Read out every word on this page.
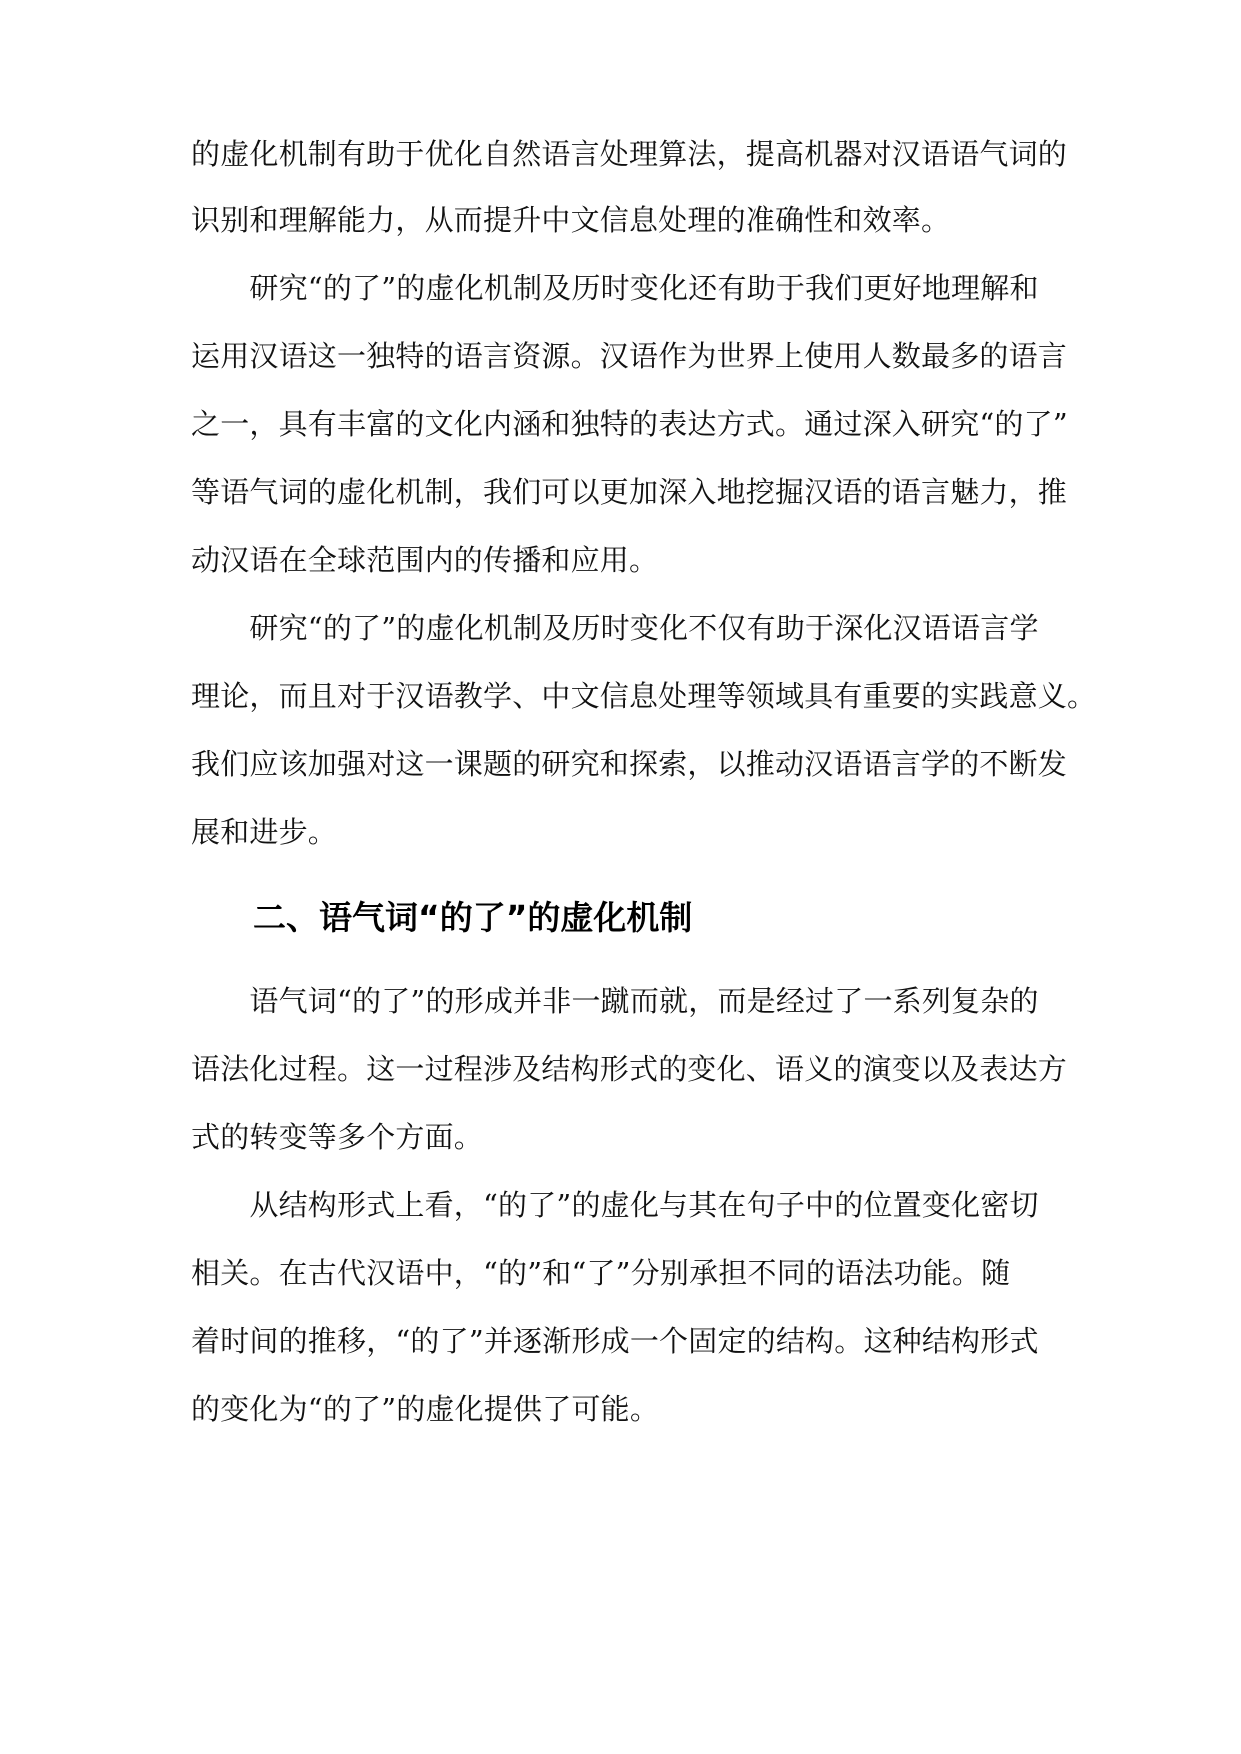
的虚化机制有助于优化自然语言处理算法，提高机器对汉语语气词的
识别和理解能力，从而提升中文信息处理的准确性和效率。
　　研究“的了”的虚化机制及历时变化还有助于我们更好地理解和
运用汉语这一独特的语言资源。汉语作为世界上使用人数最多的语言
之一，具有丰富的文化内涵和独特的表达方式。通过深入研究“的了”
等语气词的虚化机制，我们可以更加深入地挖掘汉语的语言魅力，推
动汉语在全球范围内的传播和应用。
　　研究“的了”的虚化机制及历时变化不仅有助于深化汉语语言学
理论，而且对于汉语教学、中文信息处理等领域具有重要的实践意义。
我们应该加强对这一课题的研究和探索，以推动汉语语言学的不断发
展和进步。
二、语气词“的了”的虚化机制
　　语气词“的了”的形成并非一蹴而就，而是经过了一系列复杂的
语法化过程。这一过程涉及结构形式的变化、语义的演变以及表达方
式的转变等多个方面。
　　从结构形式上看，“的了”的虚化与其在句子中的位置变化密切
相关。在古代汉语中，“的”和“了”分别承担不同的语法功能。随
着时间的推移，“的了”并逐渐形成一个固定的结构。这种结构形式
的变化为“的了”的虚化提供了可能。
